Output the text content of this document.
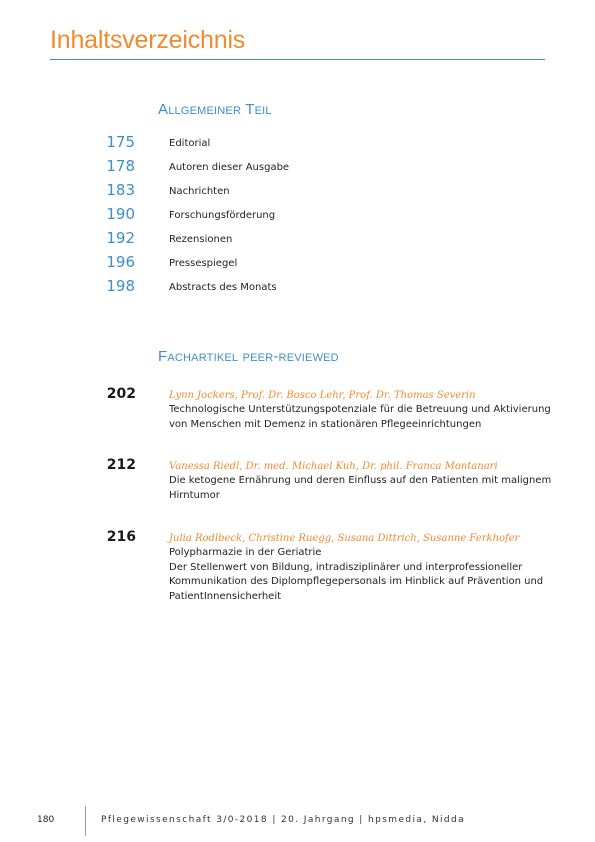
Inhaltsverzeichnis
Allgemeiner Teil
175	Editorial
178	Autoren dieser Ausgabe
183	Nachrichten
190	Forschungsförderung
192	Rezensionen
196	Pressespiegel
198	Abstracts des Monats
Fachartikel peer-reviewed
202	Lynn Jockers, Prof. Dr. Bosco Lehr, Prof. Dr. Thomas Severin
Technologische Unterstützungspotenziale für die Betreuung und Aktivierung
von Menschen mit Demenz in stationären Pflegeeinrichtungen
212	Vanessa Riedl, Dr. med. Michael Kuh, Dr. phil. Franca Montanari
Die ketogene Ernährung und deren Einfluss auf den Patienten mit malignem
Hirntumor
216	Julia Rodlbeck, Christine Ruegg, Susana Dittrich, Susanne Ferkhofer
Polypharmazie in der Geriatrie
Der Stellenwert von Bildung, intradisziplinärer und interprofessioneller
Kommunikation des Diplompflegepersonals im Hinblick auf Prävention und
PatientInnensicherheit
180	Pflegewissenschaft 3/0-2018 | 20. Jahrgang | hpsmedia, Nidda
